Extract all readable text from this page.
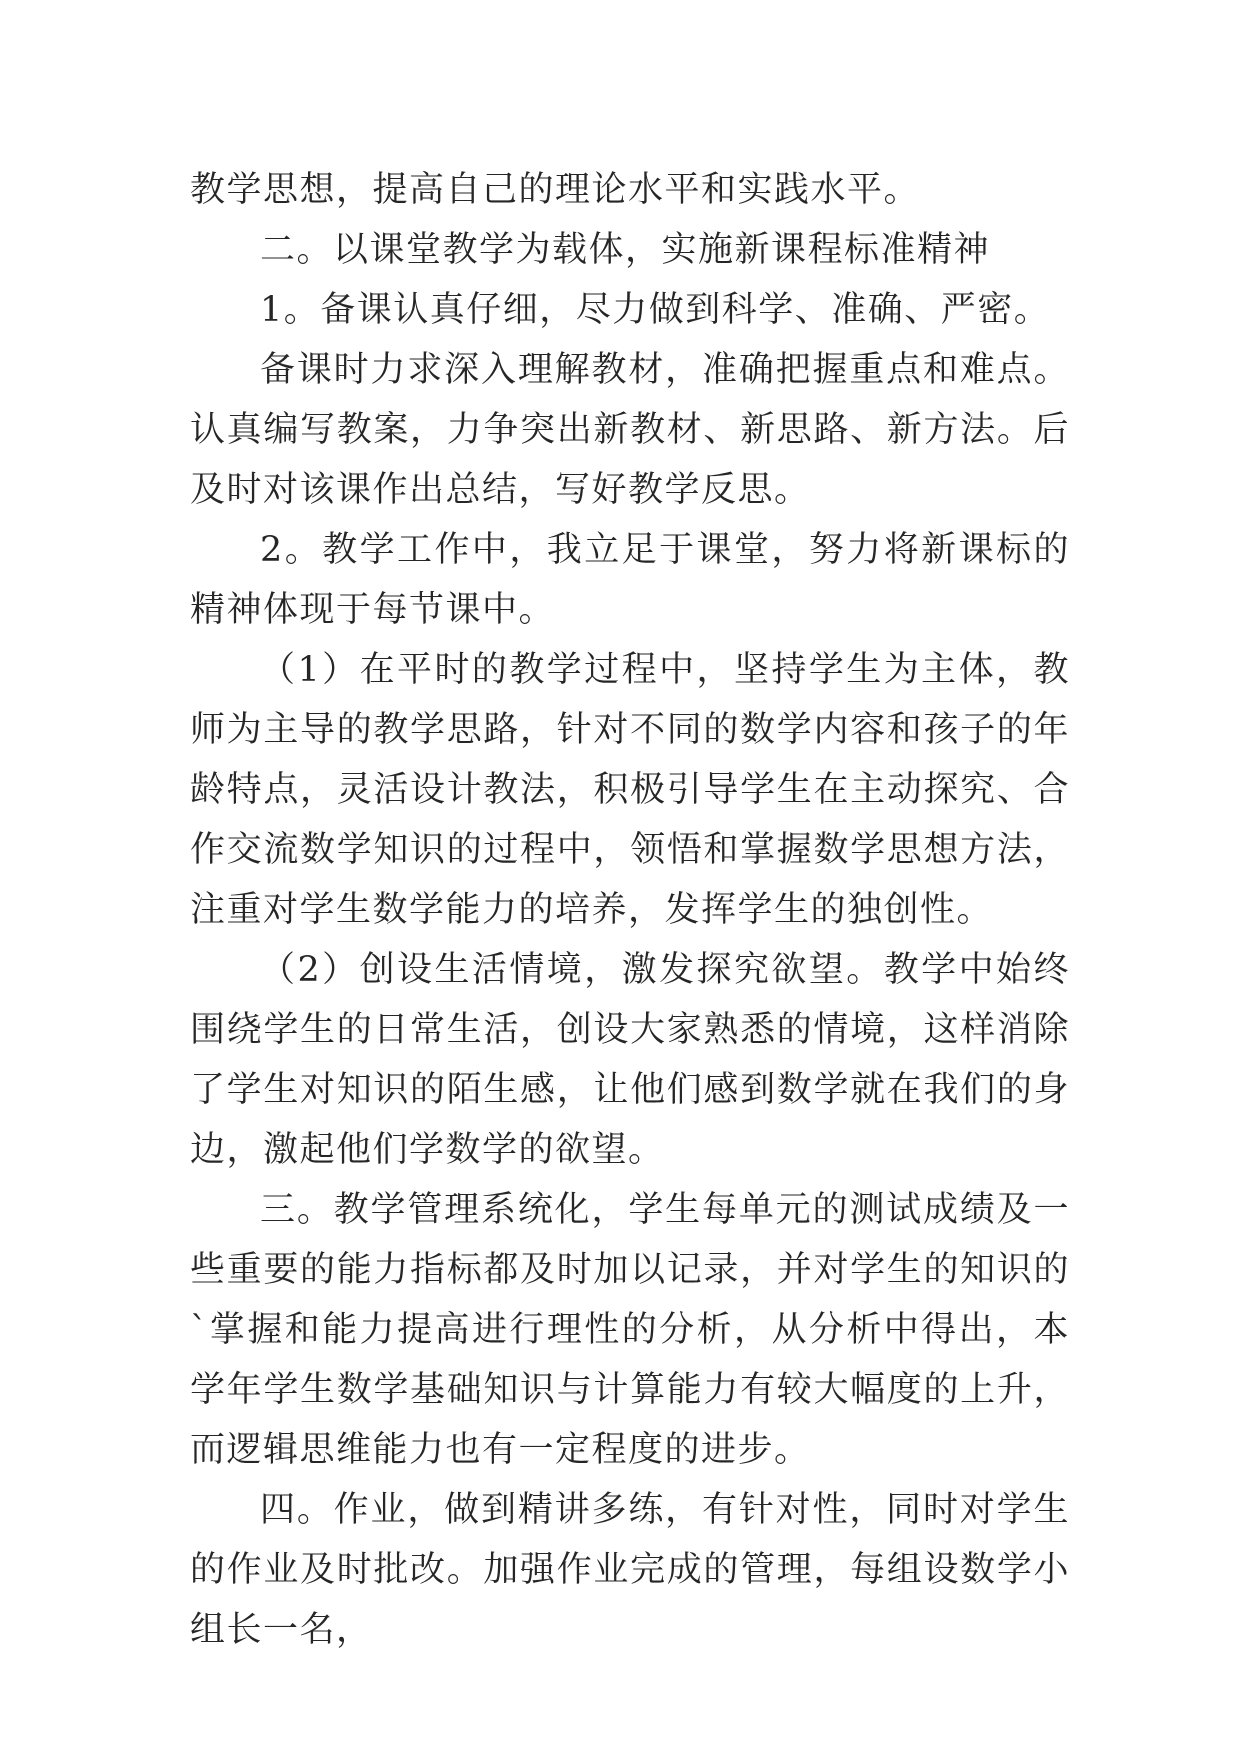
教学思想，提高自己的理论水平和实践水平。

二。以课堂教学为载体，实施新课程标准精神

1。备课认真仔细，尽力做到科学、准确、严密。

备课时力求深入理解教材，准确把握重点和难点。认真编写教案，力争突出新教材、新思路、新方法。后及时对该课作出总结，写好教学反思。

2。教学工作中，我立足于课堂，努力将新课标的精神体现于每节课中。

（1）在平时的教学过程中，坚持学生为主体，教师为主导的教学思路，针对不同的数学内容和孩子的年龄特点，灵活设计教法，积极引导学生在主动探究、合作交流数学知识的过程中，领悟和掌握数学思想方法，注重对学生数学能力的培养，发挥学生的独创性。

（2）创设生活情境，激发探究欲望。教学中始终围绕学生的日常生活，创设大家熟悉的情境，这样消除了学生对知识的陌生感，让他们感到数学就在我们的身边，激起他们学数学的欲望。

三。教学管理系统化，学生每单元的测试成绩及一些重要的能力指标都及时加以记录，并对学生的知识的`掌握和能力提高进行理性的分析，从分析中得出，本学年学生数学基础知识与计算能力有较大幅度的上升，而逻辑思维能力也有一定程度的进步。

四。作业，做到精讲多练，有针对性，同时对学生的作业及时批改。加强作业完成的管理，每组设数学小组长一名，
